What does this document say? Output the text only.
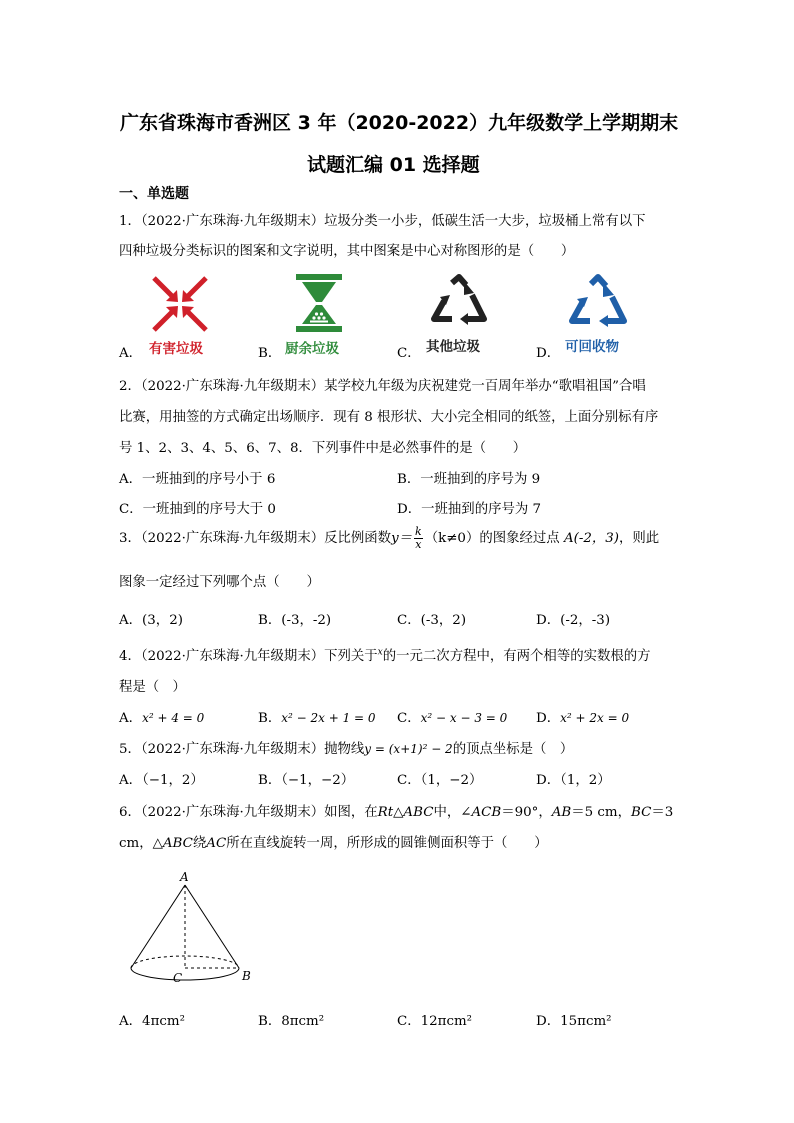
广东省珠海市香洲区 3 年（2020-2022）九年级数学上学期期末
试题汇编 01 选择题
一、单选题
1．（2022·广东珠海·九年级期末）垃圾分类一小步，低碳生活一大步，垃圾桶上常有以下
四种垃圾分类标识的图案和文字说明，其中图案是中心对称图形的是（　　）
A． 有害垃圾	B． 厨余垃圾	C． 其他垃圾	D． 可回收物
2．（2022·广东珠海·九年级期末）某学校九年级为庆祝建党一百周年举办“歌唱祖国”合唱
比赛，用抽签的方式确定出场顺序．现有 8 根形状、大小完全相同的纸签，上面分别标有序
号 1、2、3、4、5、6、7、8．下列事件中是必然事件的是（　　）
A．一班抽到的序号小于 6	B．一班抽到的序号为 9
C．一班抽到的序号大于 0	D．一班抽到的序号为 7
3．（2022·广东珠海·九年级期末）反比例函数$y= \frac{k}{x} (k\ne 0)$的图象经过点 A(-2，3)，则此
图象一定经过下列哪个点（　　）
A．(3，2)	B．(-3，-2)	C．(-3，2)	D．(-2，-3)
4．（2022·广东珠海·九年级期末）下列关于$^x$的一元二次方程中，有两个相等的实数根的方
程是（　）
A．x² + 4 = 0	B．x² − 2x + 1 = 0 C．x² − x − 3 = 0 D．x² + 2x = 0
5．（2022·广东珠海·九年级期末）抛物线y = (x+1)² − 2的顶点坐标是（　）
A．（−1，2）	B．（−1，−2）	C．（1，−2）	D．（1，2）
6．（2022·广东珠海·九年级期末）如图，在Rt△ABC中，∠ACB＝90°，AB＝5 cm，BC＝3
cm，△ABC绕AC所在直线旋转一周，所形成的圆锥侧面积等于（　　）
A
C	B
A．4πcm²	B．8πcm²	C．12πcm²	D．15πcm²
